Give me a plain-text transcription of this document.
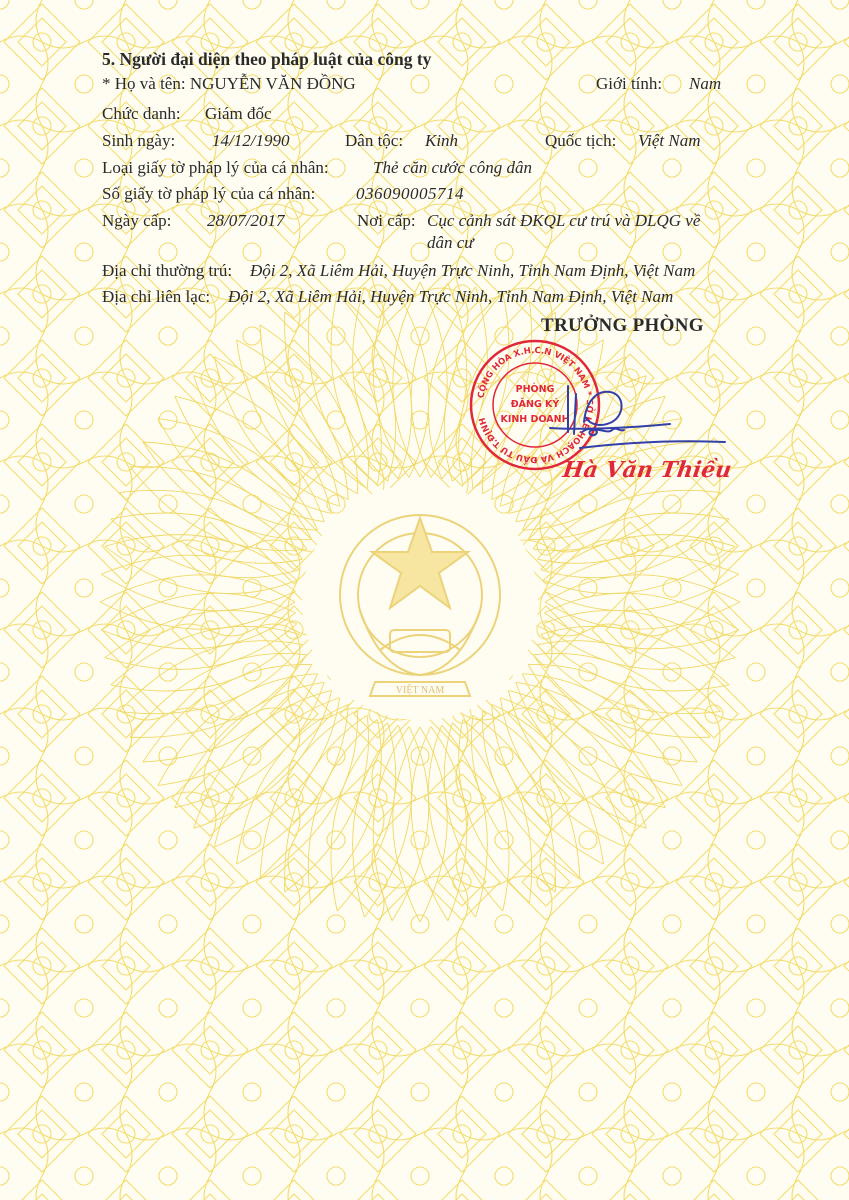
VIỆT NAM
5. Người đại diện theo pháp luật của công ty
* Họ và tên: NGUYỄN VĂN ĐỒNG	Giới tính: Nam
Chức danh: Giám đốc
Sinh ngày: 14/12/1990	Dân tộc: Kinh	Quốc tịch: Việt Nam
Loại giấy tờ pháp lý của cá nhân:	Thẻ căn cước công dân
Số giấy tờ pháp lý của cá nhân: 036090005714
Ngày cấp: 28/07/2017	Nơi cấp: Cục cảnh sát ĐKQL cư trú và DLQG về
dân cư
Địa chỉ thường trú: Đội 2, Xã Liêm Hải, Huyện Trực Ninh, Tỉnh Nam Định, Việt Nam
Địa chỉ liên lạc: Đội 2, Xã Liêm Hải, Huyện Trực Ninh, Tỉnh Nam Định, Việt Nam
TRƯỞNG PHÒNG
CỘNG HÒA X.H.C.N VIỆT NAM * SỞ KẾ HOẠCH VÀ ĐẦU TƯ T.ĐỊNH
PHÒNG
ĐĂNG KÝ
KINH DOANH
Hà Văn Thiều
